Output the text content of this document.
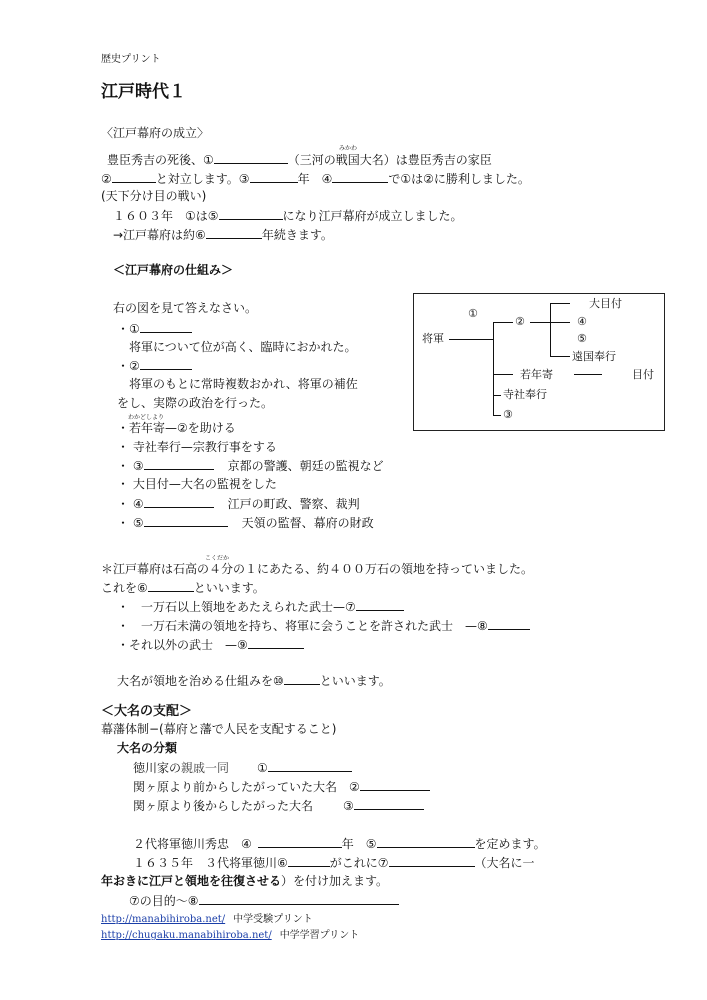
歴史プリント
江戸時代１
〈江戸幕府の成立〉
みかわ
豊臣秀吉の死後、①	（三河の戦国大名）は豊臣秀吉の家臣
②	と対立します。③	年　④	で①は②に勝利しました。
(天下分け目の戦い)
１６０３年　①は⑤	になり江戸幕府が成立しました。
→江戸幕府は約⑥	年続きます。
＜江戸幕府の仕組み＞
右の図を見て答えなさい。
・①
将軍について位が高く、臨時におかれた。
・②
将軍のもとに常時複数おかれ、将軍の補佐
をし、実際の政治を行った。
わかどしより
・若年寄—②を助ける
・ 寺社奉行—宗教行事をする
・ ③	京都の警護、朝廷の監視など
・ 大目付—大名の監視をした
・ ④	江戸の町政、警察、裁判
・ ⑤	天領の監督、幕府の財政
将軍
①
②
大目付
④
⑤
遠国奉行
若年寄	目付
寺社奉行
③
こくだか
＊江戸幕府は石高の４分の１にあたる、約４００万石の領地を持っていました。
これを⑥	といいます。
・　一万石以上領地をあたえられた武士—⑦
・　一万石未満の領地を持ち、将軍に会うことを許された武士　—⑧
・それ以外の武士　—⑨
大名が領地を治める仕組みを⑩	といいます。
＜大名の支配＞
幕藩体制−(幕府と藩で人民を支配すること)
大名の分類
徳川家の親戚一同 ①
関ヶ原より前からしたがっていた大名　②
関ヶ原より後からしたがった大名	③
２代将軍徳川秀忠　④	年　⑤	を定めます。
１６３５年　３代将軍徳川⑥	がこれに⑦	（大名に一
年おきに江戸と領地を往復させる）を付け加えます。
⑦の目的〜⑧
http://manabihiroba.net/ 中学受験プリント
http://chugaku.manabihiroba.net/ 中学学習プリント
